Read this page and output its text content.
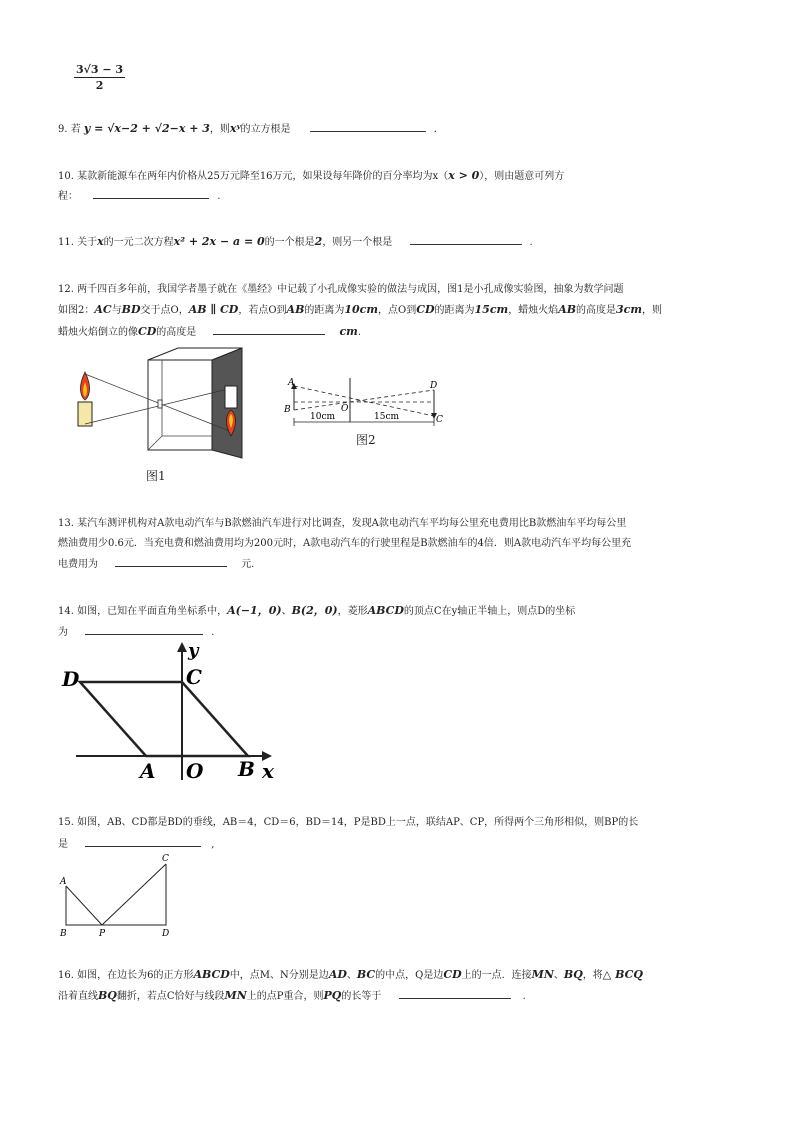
$\frac{3√3 - 3}{2}$
9. 若 y = √x−2 + √2−x + 3，则xʸ的立方根是	.
10. 某款新能源车在两年内价格从25万元降至16万元，如果设每年降价的百分率均为x（x > 0），则由题意可列方
程：	.
11. 关于x的一元二次方程x² + 2x − a = 0的一个根是2，则另一个根是	.
12. 两千四百多年前，我国学者墨子就在《墨经》中记载了小孔成像实验的做法与成因，图1是小孔成像实验图，抽象为数学问题
如图2：AC与BD交于点O，AB ∥ CD，若点O到AB的距离为10cm，点O到CD的距离为15cm，蜡烛火焰AB的高度是3cm，则
蜡烛火焰倒立的像CD的高度是	cm.
图1
A
B	O
D
C
10cm	15cm
图2
13. 某汽车测评机构对A款电动汽车与B款燃油汽车进行对比调查，发现A款电动汽车平均每公里充电费用比B款燃油车平均每公里
燃油费用少0.6元．当充电费和燃油费用均为200元时，A款电动汽车的行驶里程是B款燃油车的4倍．则A款电动汽车平均每公里充
电费用为	元.
14. 如图，已知在平面直角坐标系中，A(−1，0)、B(2，0)，菱形ABCD的顶点C在y轴正半轴上，则点D的坐标
为	.
D	C
y
A O B x
15. 如图，AB、CD都是BD的垂线，AB＝4，CD＝6，BD＝14，P是BD上一点，联结AP、CP，所得两个三角形相似，则BP的长
是	,
A
B	P	D
C
16. 如图，在边长为6的正方形ABCD中，点M、N分别是边AD、BC的中点，Q是边CD上的一点．连接MN、BQ，将△ BCQ
沿着直线BQ翻折，若点C恰好与线段MN上的点P重合，则PQ的长等于	.
